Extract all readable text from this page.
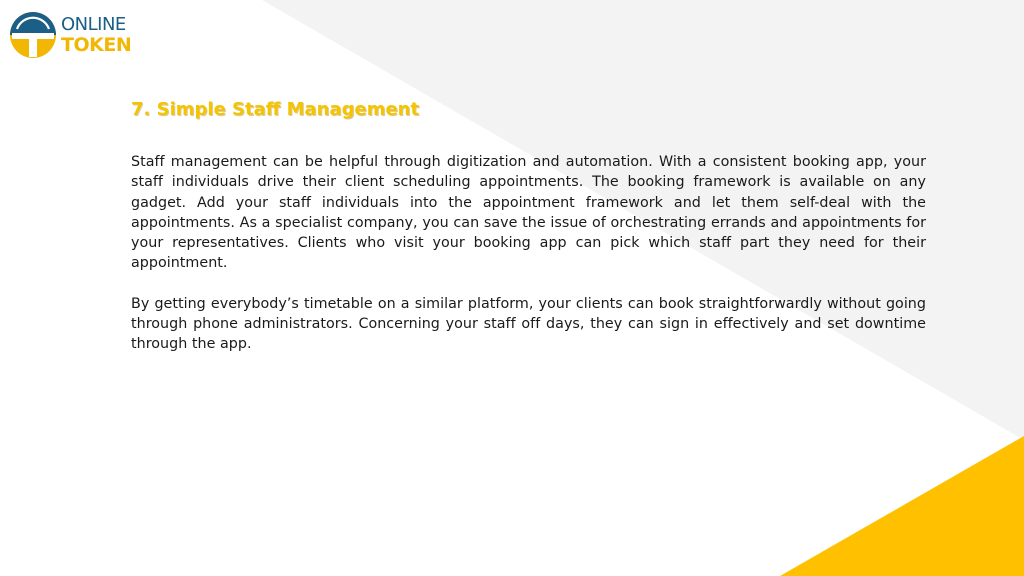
ONLINE
TOKEN
7. Simple Staff Management

Staff management can be helpful through digitization and automation. With a consistent booking app, your staff individuals drive their client scheduling appointments. The booking framework is available on any gadget. Add your staff individuals into the appointment framework and let them self-deal with the appointments. As a specialist company, you can save the issue of orchestrating errands and appointments for your representatives. Clients who visit your booking app can pick which staff part they need for their appointment.

By getting everybody’s timetable on a similar platform, your clients can book straightforwardly without going through phone administrators. Concerning your staff off days, they can sign in effectively and set downtime through the app.
